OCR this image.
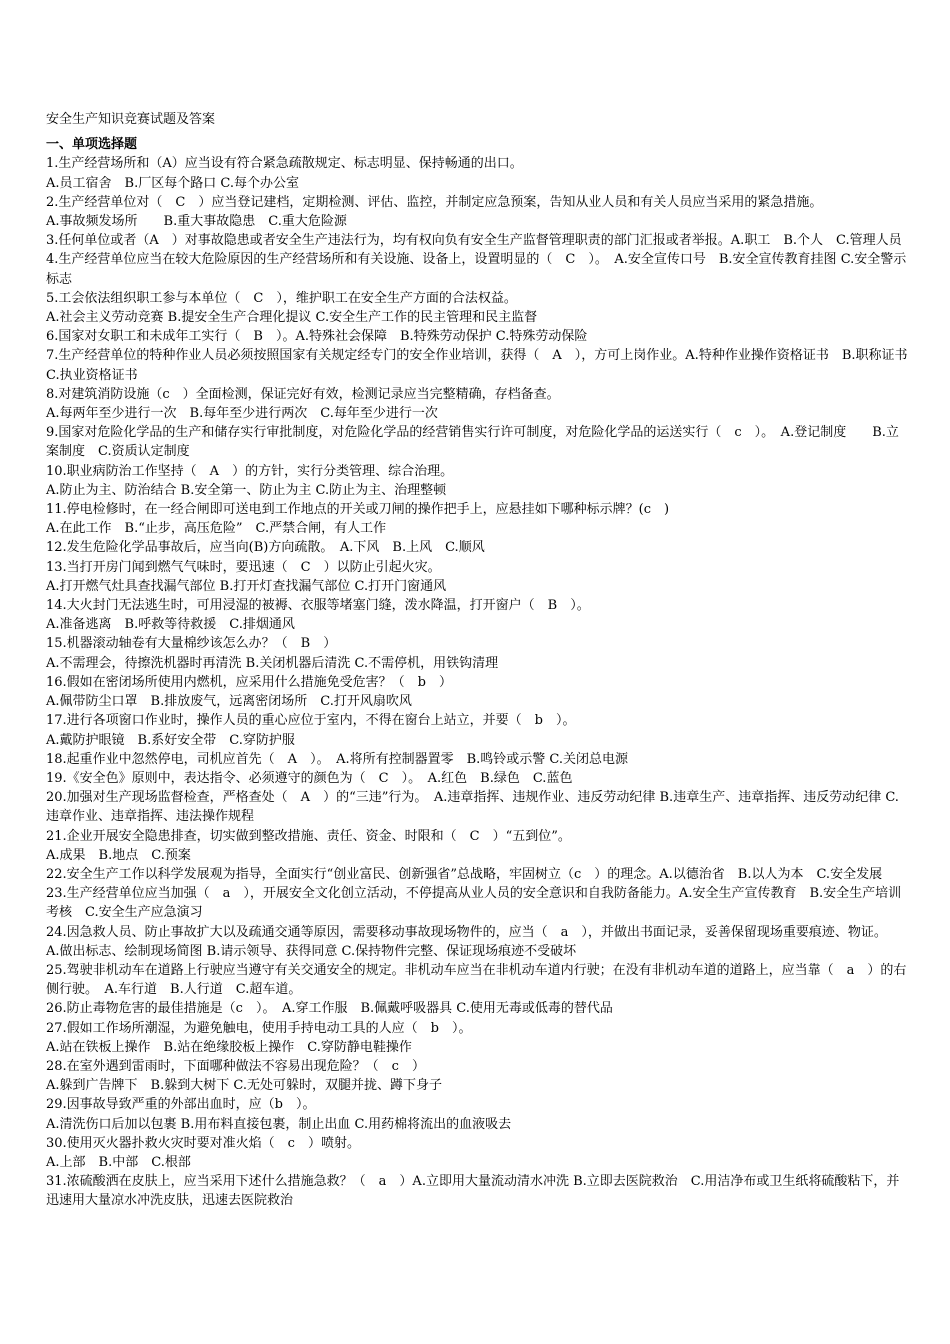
安全生产知识竞赛试题及答案
一、单项选择题
1.生产经营场所和（A）应当设有符合紧急疏散规定、标志明显、保持畅通的出口。
A.员工宿舍　B.厂区每个路口 C.每个办公室
2.生产经营单位对（　C　）应当登记建档，定期检测、评估、监控，并制定应急预案，告知从业人员和有关人员应当采用的紧急措施。
A.事故频发场所　　B.重大事故隐患　C.重大危险源
3.任何单位或者（A　）对事故隐患或者安全生产违法行为，均有权向负有安全生产监督管理职责的部门汇报或者举报。A.职工　B.个人　C.管理人员
4.生产经营单位应当在较大危险原因的生产经营场所和有关设施、设备上，设置明显的（　C　）。　A.安全宣传口号　B.安全宣传教育挂图 C.安全警示标志
5.工会依法组织职工参与本单位（　C　），维护职工在安全生产方面的合法权益。
A.社会主义劳动竞赛 B.提安全生产合理化提议 C.安全生产工作的民主管理和民主监督
6.国家对女职工和未成年工实行（　B　）。A.特殊社会保障　B.特殊劳动保护 C.特殊劳动保险
7.生产经营单位的特种作业人员必须按照国家有关规定经专门的安全作业培训，获得（　A　），方可上岗作业。A.特种作业操作资格证书　B.职称证书C.执业资格证书
8.对建筑消防设施（c　）全面检测，保证完好有效，检测记录应当完整精确，存档备查。
A.每两年至少进行一次　B.每年至少进行两次　C.每年至少进行一次
9.国家对危险化学品的生产和储存实行审批制度，对危险化学品的经营销售实行许可制度，对危险化学品的运送实行（　c　）。　A.登记制度　　B.立案制度　C.资质认定制度
10.职业病防治工作坚持（　A　）的方针，实行分类管理、综合治理。
A.防止为主、防治结合 B.安全第一、防止为主 C.防止为主、治理整顿
11.停电检修时，在一经合闸即可送电到工作地点的开关或刀闸的操作把手上，应悬挂如下哪种标示牌？(c　)
A.在此工作　B.“止步，高压危险”　C.严禁合闸，有人工作
12.发生危险化学品事故后，应当向(B)方向疏散。　A.下风　B.上风　C.顺风
13.当打开房门闻到燃气气味时，要迅速（　C　）以防止引起火灾。
A.打开燃气灶具查找漏气部位 B.打开灯查找漏气部位 C.打开门窗通风
14.大火封门无法逃生时，可用浸湿的被褥、衣服等堵塞门缝，泼水降温，打开窗户（　B　）。
A.准备逃离　B.呼救等待救援　C.排烟通风
15.机器滚动轴卷有大量棉纱该怎么办？（　B　）
A.不需理会，待擦洗机器时再清洗 B.关闭机器后清洗 C.不需停机，用铁钩清理
16.假如在密闭场所使用内燃机，应采用什么措施免受危害？（　b　）
A.佩带防尘口罩　B.排放废气，远离密闭场所　C.打开风扇吹风
17.进行各项窗口作业时，操作人员的重心应位于室内，不得在窗台上站立，并要（　b　）。
A.戴防护眼镜　B.系好安全带　C.穿防护服
18.起重作业中忽然停电，司机应首先（　A　）。　A.将所有控制器置零　B.鸣铃或示警 C.关闭总电源
19.《安全色》原则中，表达指令、必须遵守的颜色为（　C　）。　A.红色　B.绿色　C.蓝色
20.加强对生产现场监督检查，严格查处（　A　）的“三违”行为。　A.违章指挥、违规作业、违反劳动纪律 B.违章生产、违章指挥、违反劳动纪律 C.违章作业、违章指挥、违法操作规程
21.企业开展安全隐患排查，切实做到整改措施、责任、资金、时限和（　C　）“五到位”。
A.成果　B.地点　C.预案
22.安全生产工作以科学发展观为指导，全面实行“创业富民、创新强省”总战略，牢固树立（c　）的理念。A.以德治省　B.以人为本　C.安全发展
23.生产经营单位应当加强（　a　），开展安全文化创立活动，不停提高从业人员的安全意识和自我防备能力。A.安全生产宣传教育　B.安全生产培训考核　C.安全生产应急演习
24.因急救人员、防止事故扩大以及疏通交通等原因，需要移动事故现场物件的，应当（　a　），并做出书面记录，妥善保留现场重要痕迹、物证。
A.做出标志、绘制现场简图 B.请示领导、获得同意 C.保持物件完整、保证现场痕迹不受破坏
25.驾驶非机动车在道路上行驶应当遵守有关交通安全的规定。非机动车应当在非机动车道内行驶；在没有非机动车道的道路上，应当靠（　a　）的右侧行驶。　A.车行道　B.人行道　C.超车道。
26.防止毒物危害的最佳措施是（c　）。　A.穿工作服　B.佩戴呼吸器具 C.使用无毒或低毒的替代品
27.假如工作场所潮湿，为避免触电，使用手持电动工具的人应（　b　）。
A.站在铁板上操作　B.站在绝缘胶板上操作　C.穿防静电鞋操作
28.在室外遇到雷雨时，下面哪种做法不容易出现危险？（　c　）
A.躲到广告牌下　B.躲到大树下 C.无处可躲时，双腿并拢、蹲下身子
29.因事故导致严重的外部出血时，应（b　）。
A.清洗伤口后加以包裹 B.用布料直接包裹，制止出血 C.用药棉将流出的血液吸去
30.使用灭火器扑救火灾时要对准火焰（　c　）喷射。
A.上部　B.中部　C.根部
31.浓硫酸洒在皮肤上，应当采用下述什么措施急救？（　a　）A.立即用大量流动清水冲洗 B.立即去医院救治　C.用洁净布或卫生纸将硫酸粘下，并迅速用大量凉水冲洗皮肤，迅速去医院救治
